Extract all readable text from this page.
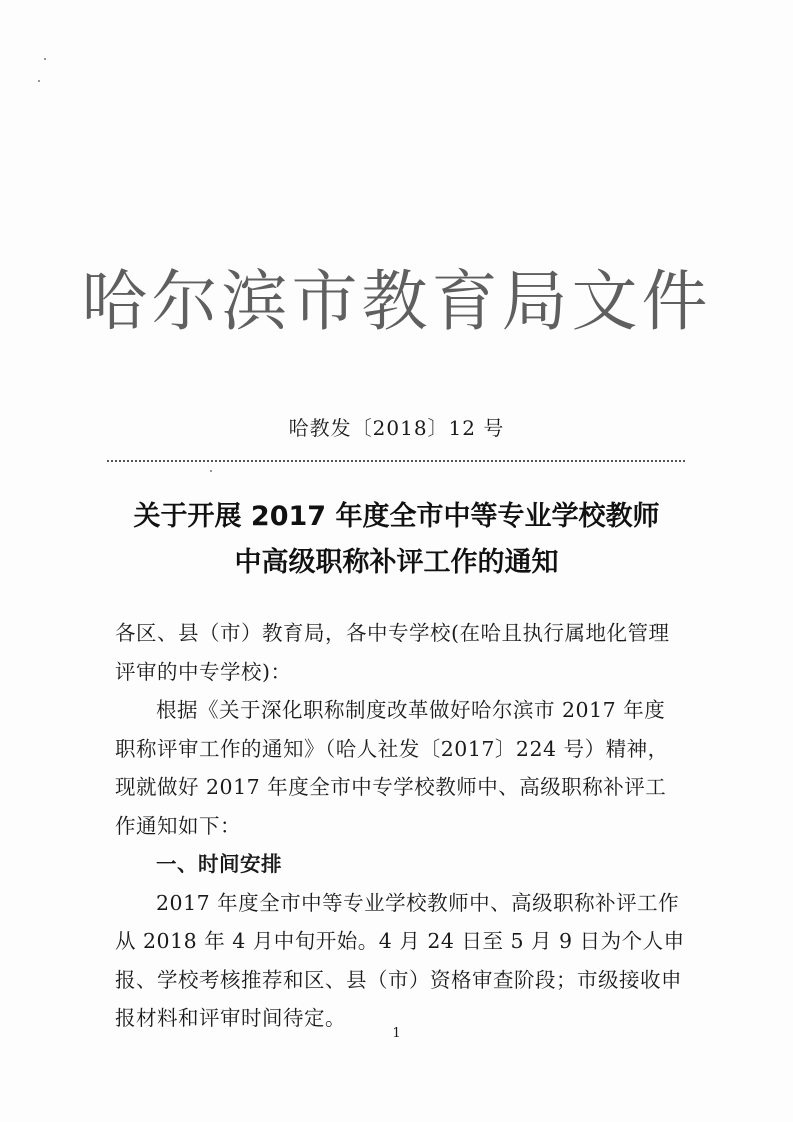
哈尔滨市教育局文件
哈教发〔2018〕12 号
关于开展 2017 年度全市中等专业学校教师
中高级职称补评工作的通知

各区、县（市）教育局，各中专学校(在哈且执行属地化管理评审的中专学校)：

根据《关于深化职称制度改革做好哈尔滨市 2017 年度职称评审工作的通知》（哈人社发〔2017〕224 号）精神，现就做好 2017 年度全市中专学校教师中、高级职称补评工作通知如下：

一、时间安排

2017 年度全市中等专业学校教师中、高级职称补评工作从 2018 年 4 月中旬开始。4 月 24 日至 5 月 9 日为个人申报、学校考核推荐和区、县（市）资格审查阶段；市级接收申报材料和评审时间待定。

1
